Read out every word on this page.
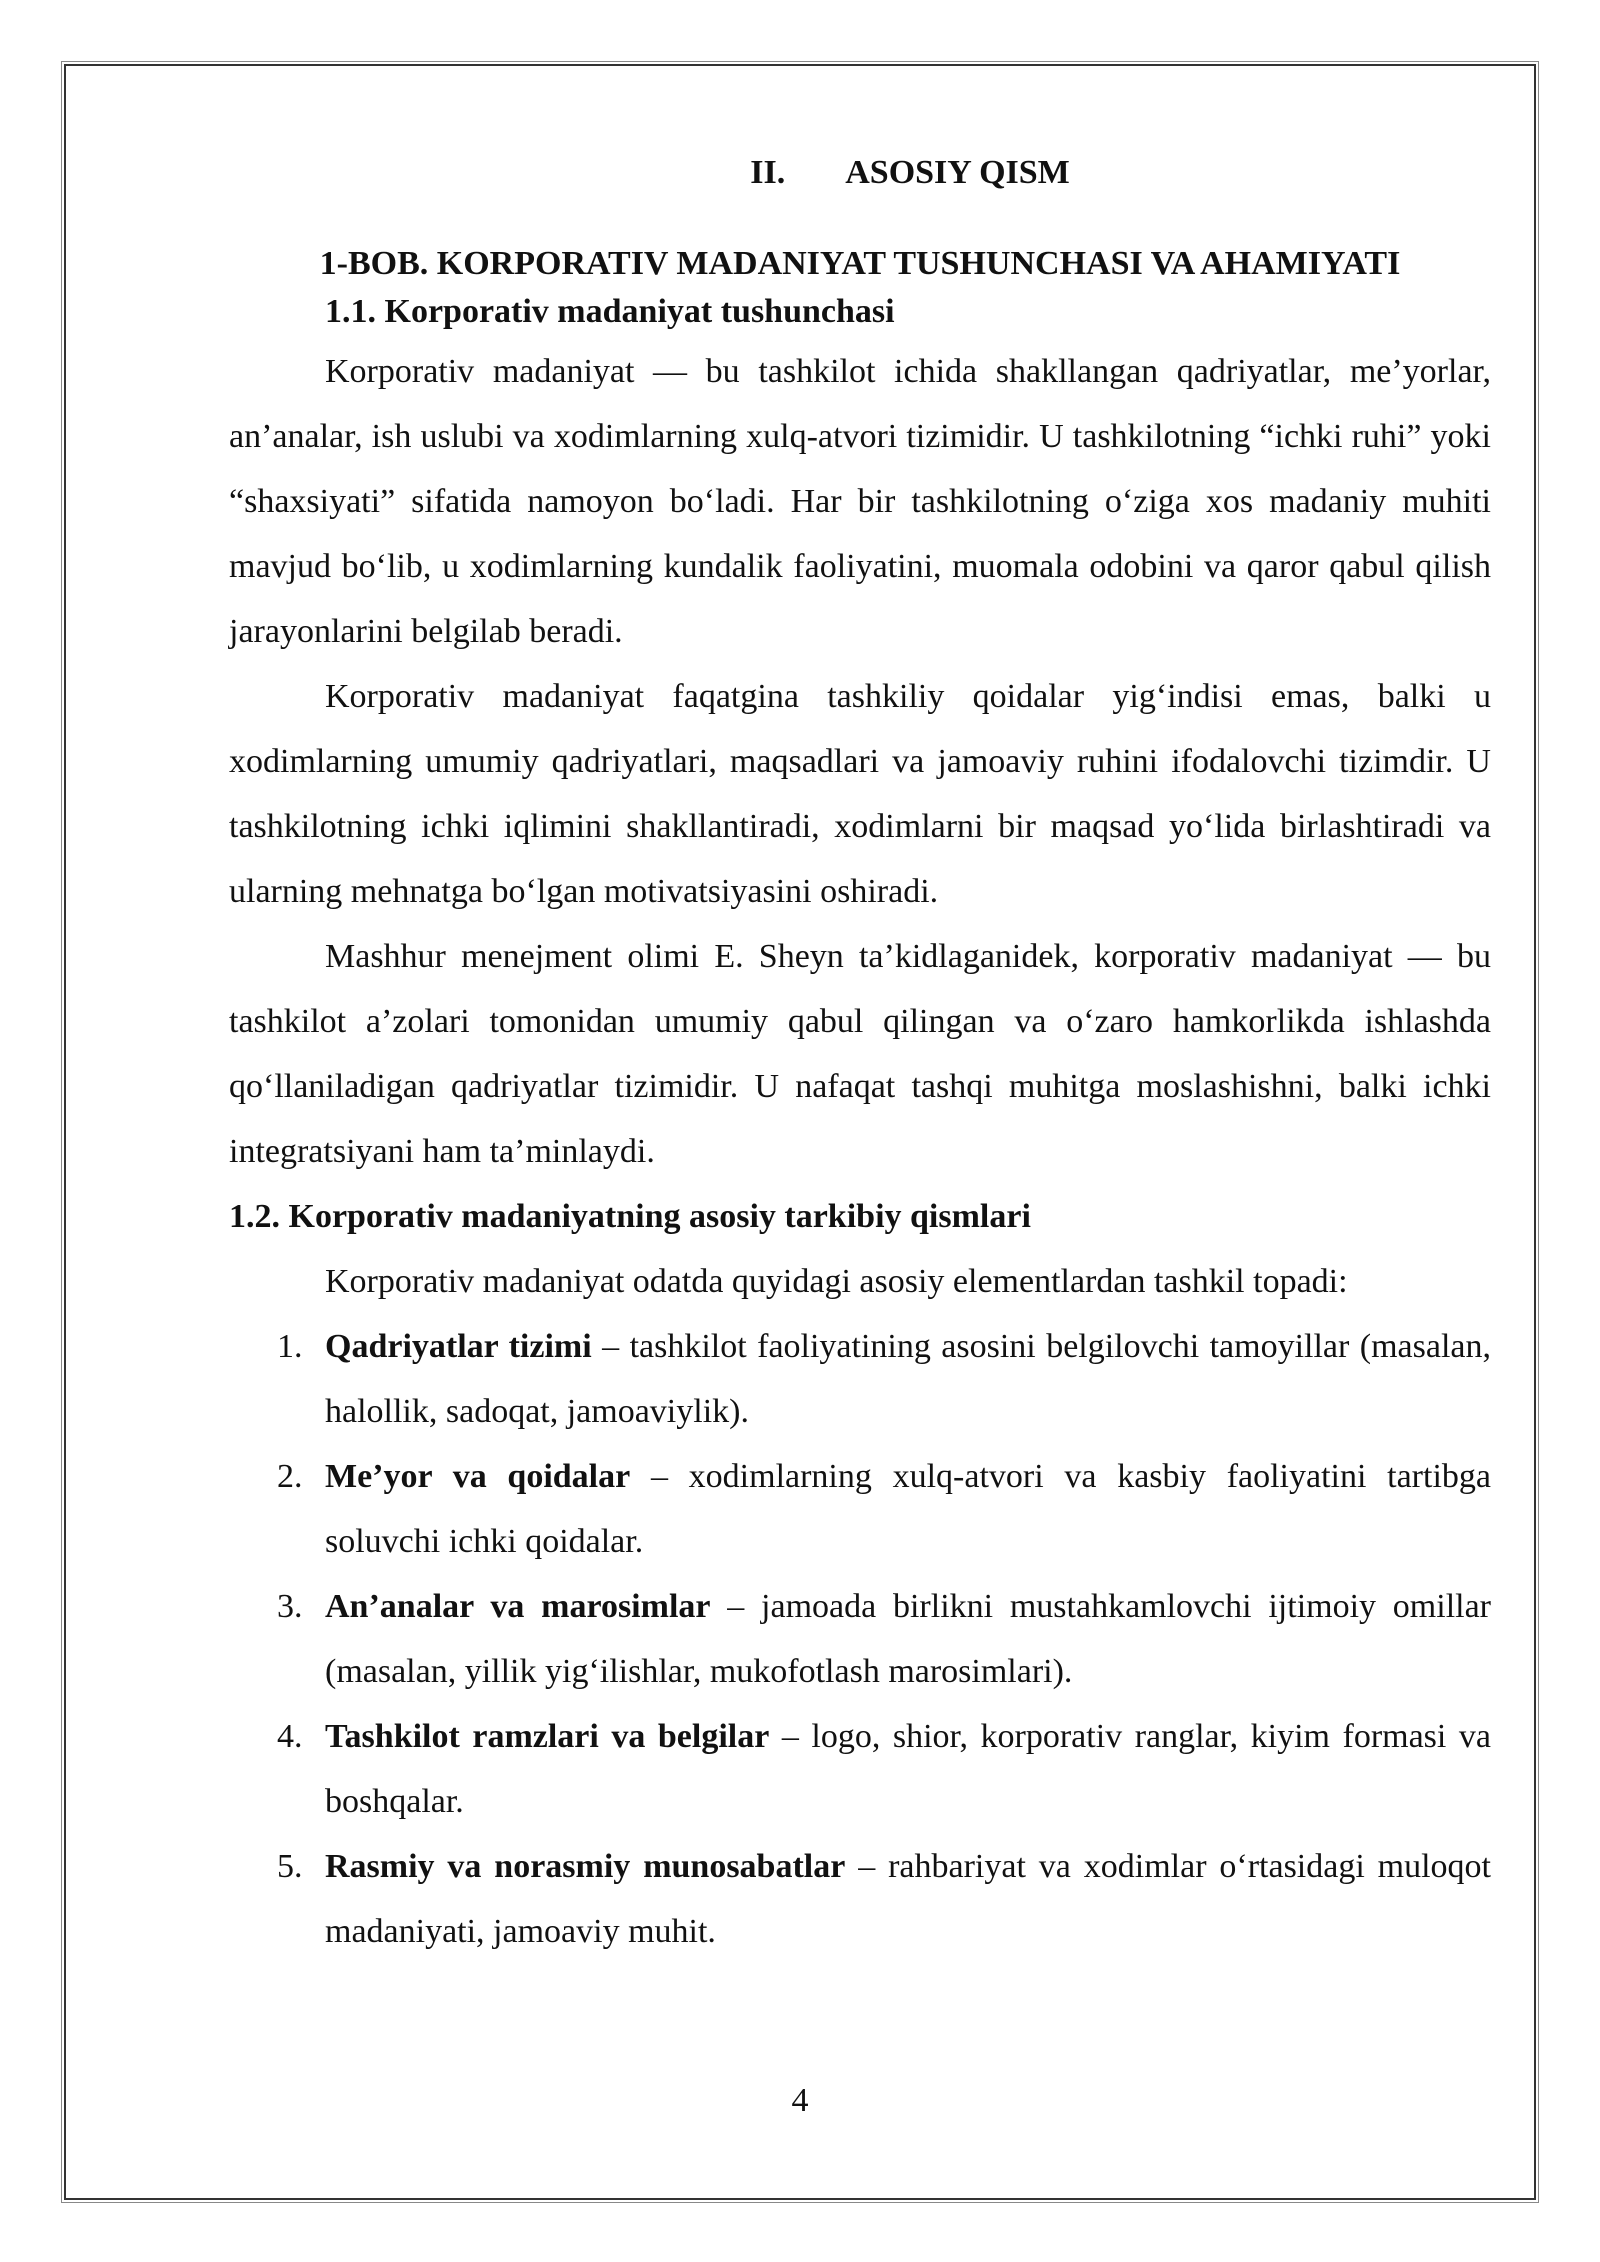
II. ASOSIY QISM
1-BOB. KORPORATIV MADANIYAT TUSHUNCHASI VA AHAMIYATI
1.1. Korporativ madaniyat tushunchasi

Korporativ madaniyat — bu tashkilot ichida shakllangan qadriyatlar, me’yorlar, an’analar, ish uslubi va xodimlarning xulq-atvori tizimidir. U tashkilotning “ichki ruhi” yoki “shaxsiyati” sifatida namoyon bo‘ladi. Har bir tashkilotning o‘ziga xos madaniy muhiti mavjud bo‘lib, u xodimlarning kundalik faoliyatini, muomala odobini va qaror qabul qilish jarayonlarini belgilab beradi.

Korporativ madaniyat faqatgina tashkiliy qoidalar yig‘indisi emas, balki u xodimlarning umumiy qadriyatlari, maqsadlari va jamoaviy ruhini ifodalovchi tizimdir. U tashkilotning ichki iqlimini shakllantiradi, xodimlarni bir maqsad yo‘lida birlashtiradi va ularning mehnatga bo‘lgan motivatsiyasini oshiradi.

Mashhur menejment olimi E. Sheyn ta’kidlaganidek, korporativ madaniyat — bu tashkilot a’zolari tomonidan umumiy qabul qilingan va o‘zaro hamkorlikda ishlashda qo‘llaniladigan qadriyatlar tizimidir. U nafaqat tashqi muhitga moslashishni, balki ichki integratsiyani ham ta’minlaydi.

1.2. Korporativ madaniyatning asosiy tarkibiy qismlari

Korporativ madaniyat odatda quyidagi asosiy elementlardan tashkil topadi:

1. Qadriyatlar tizimi – tashkilot faoliyatining asosini belgilovchi tamoyillar (masalan, halollik, sadoqat, jamoaviylik).
2. Me’yor va qoidalar – xodimlarning xulq-atvori va kasbiy faoliyatini tartibga soluvchi ichki qoidalar.
3. An’analar va marosimlar – jamoada birlikni mustahkamlovchi ijtimoiy omillar (masalan, yillik yig‘ilishlar, mukofotlash marosimlari).
4. Tashkilot ramzlari va belgilar – logo, shior, korporativ ranglar, kiyim formasi va boshqalar.
5. Rasmiy va norasmiy munosabatlar – rahbariyat va xodimlar o‘rtasidagi muloqot madaniyati, jamoaviy muhit.
4
